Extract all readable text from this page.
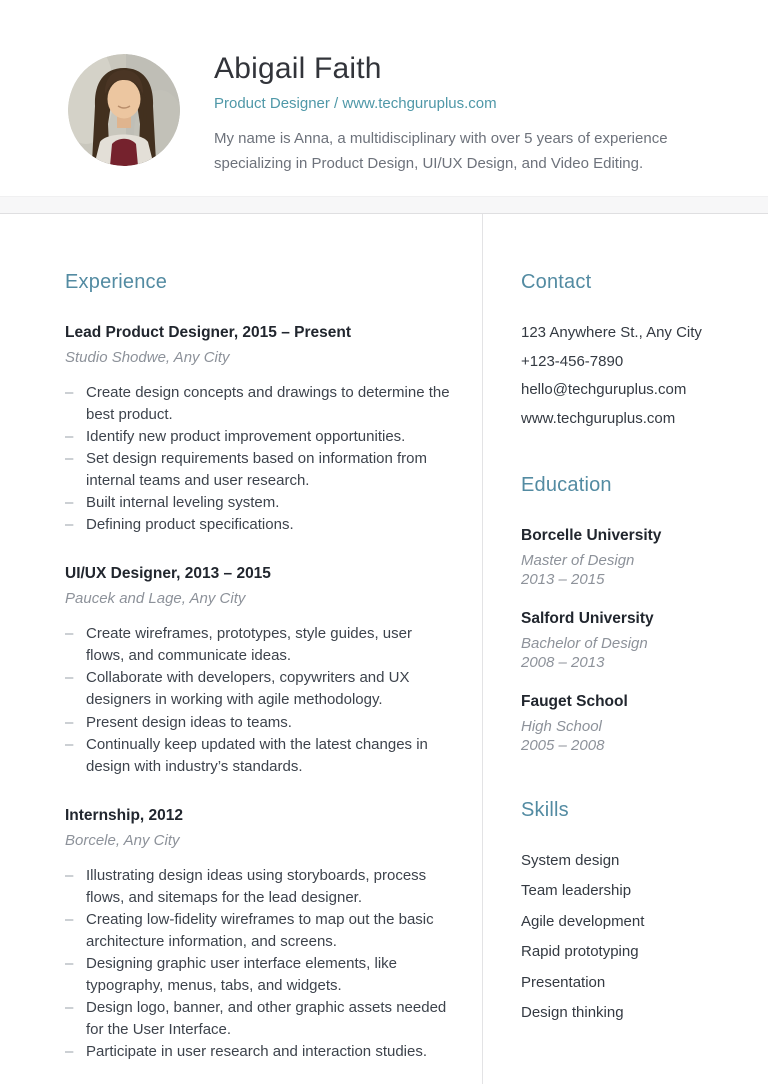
Abigail Faith
Product Designer / www.techguruplus.com

My name is Anna, a multidisciplinary with over 5 years of experience specializing in Product Design, UI/UX Design, and Video Editing.

Experience
Lead Product Designer, 2015 – Present
Studio Shodwe, Any City
– Create design concepts and drawings to determine the best product.
– Identify new product improvement opportunities.
– Set design requirements based on information from internal teams and user research.
– Built internal leveling system.
– Defining product specifications.
UI/UX Designer, 2013 – 2015
Paucek and Lage, Any City
– Create wireframes, prototypes, style guides, user flows, and communicate ideas.
– Collaborate with developers, copywriters and UX designers in working with agile methodology.
– Present design ideas to teams.
– Continually keep updated with the latest changes in design with industry’s standards.
Internship, 2012
Borcele, Any City
– Illustrating design ideas using storyboards, process flows, and sitemaps for the lead designer.
– Creating low-fidelity wireframes to map out the basic architecture information, and screens.
– Designing graphic user interface elements, like typography, menus, tabs, and widgets.
– Design logo, banner, and other graphic assets needed for the User Interface.
– Participate in user research and interaction studies.
Contact
123 Anywhere St., Any City
+123-456-7890
hello@techguruplus.com
www.techguruplus.com
Education
Borcelle University
Master of Design
2013 – 2015
Salford University
Bachelor of Design
2008 – 2013
Fauget School
High School
2005 – 2008
Skills
System design
Team leadership
Agile development
Rapid prototyping
Presentation
Design thinking
